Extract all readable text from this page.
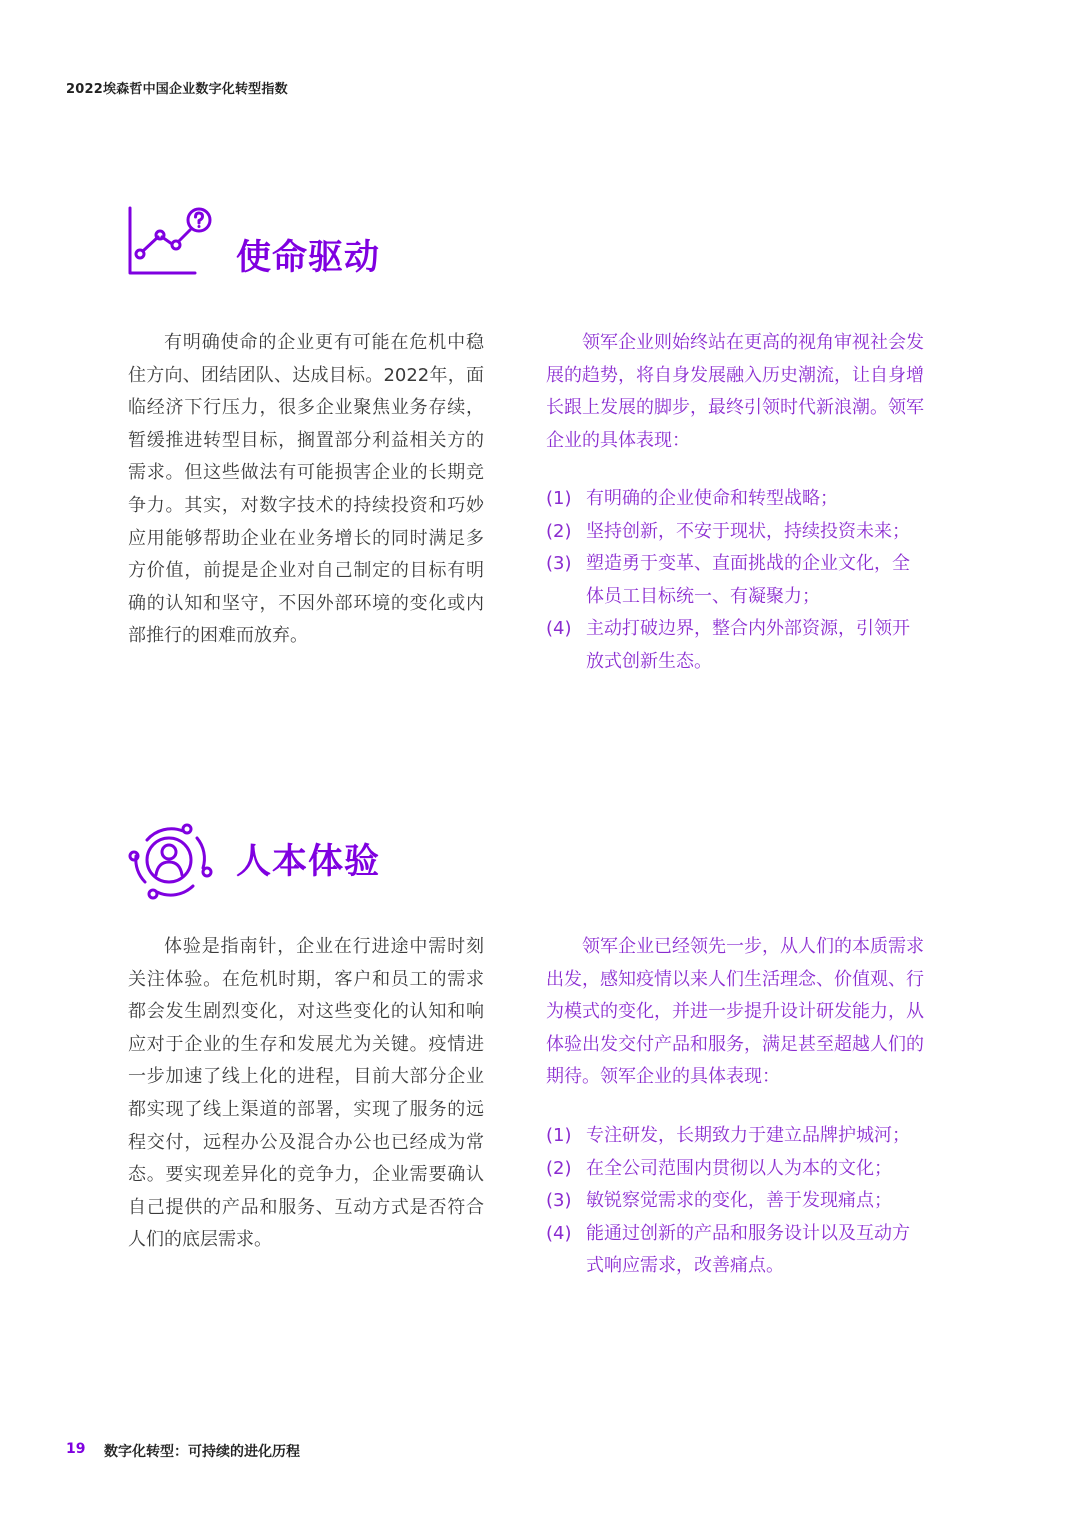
2022埃森哲中国企业数字化转型指数
使命驱动

有明确使命的企业更有可能在危机中稳住方向、团结团队、达成目标。2022年，面临经济下行压力，很多企业聚焦业务存续，暂缓推进转型目标，搁置部分利益相关方的需求。但这些做法有可能损害企业的长期竞争力。其实，对数字技术的持续投资和巧妙应用能够帮助企业在业务增长的同时满足多方价值，前提是企业对自己制定的目标有明确的认知和坚守，不因外部环境的变化或内部推行的困难而放弃。

领军企业则始终站在更高的视角审视社会发展的趋势，将自身发展融入历史潮流，让自身增长跟上发展的脚步，最终引领时代新浪潮。领军企业的具体表现：

(1) 有明确的企业使命和转型战略；
(2) 坚持创新，不安于现状，持续投资未来；
(3) 塑造勇于变革、直面挑战的企业文化，全体员工目标统一、有凝聚力；
(4) 主动打破边界，整合内外部资源，引领开放式创新生态。
人本体验

体验是指南针，企业在行进途中需时刻关注体验。在危机时期，客户和员工的需求都会发生剧烈变化，对这些变化的认知和响应对于企业的生存和发展尤为关键。疫情进一步加速了线上化的进程，目前大部分企业都实现了线上渠道的部署，实现了服务的远程交付，远程办公及混合办公也已经成为常态。要实现差异化的竞争力，企业需要确认自己提供的产品和服务、互动方式是否符合人们的底层需求。

领军企业已经领先一步，从人们的本质需求出发，感知疫情以来人们生活理念、价值观、行为模式的变化，并进一步提升设计研发能力，从体验出发交付产品和服务，满足甚至超越人们的期待。领军企业的具体表现：

(1) 专注研发，长期致力于建立品牌护城河；
(2) 在全公司范围内贯彻以人为本的文化；
(3) 敏锐察觉需求的变化，善于发现痛点；
(4) 能通过创新的产品和服务设计以及互动方式响应需求，改善痛点。
19 数字化转型：可持续的进化历程
